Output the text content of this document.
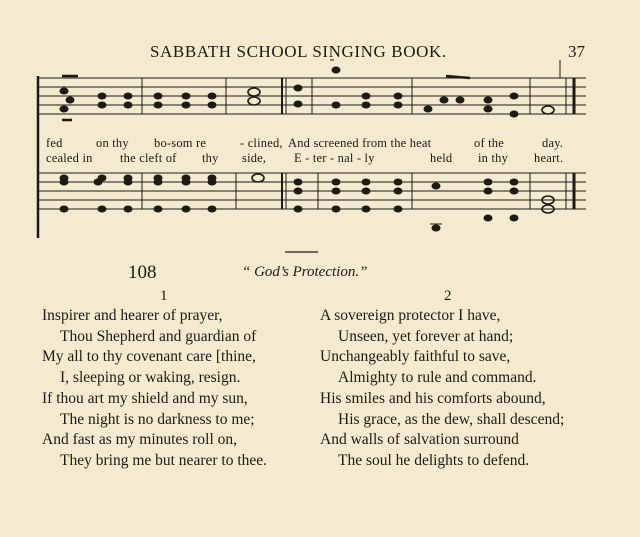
SABBATH SCHOOL SINGING BOOK.	37
fed	on thy bo-som re	- clined, And screened from the heat	of the	day.
cealed in the cleft of thy side, E - ter - nal - ly	held in thy heart.
108	“ God’s Protection.”
1	2
Inspirer and hearer of prayer,
Thou Shepherd and guardian of
My all to thy covenant care [thine,
I, sleeping or waking, resign.
If thou art my shield and my sun,
The night is no darkness to me;
And fast as my minutes roll on,
They bring me but nearer to thee.
A sovereign protector I have,
Unseen, yet forever at hand;
Unchangeably faithful to save,
Almighty to rule and command.
His smiles and his comforts abound,
His grace, as the dew, shall descend;
And walls of salvation surround
The soul he delights to defend.
